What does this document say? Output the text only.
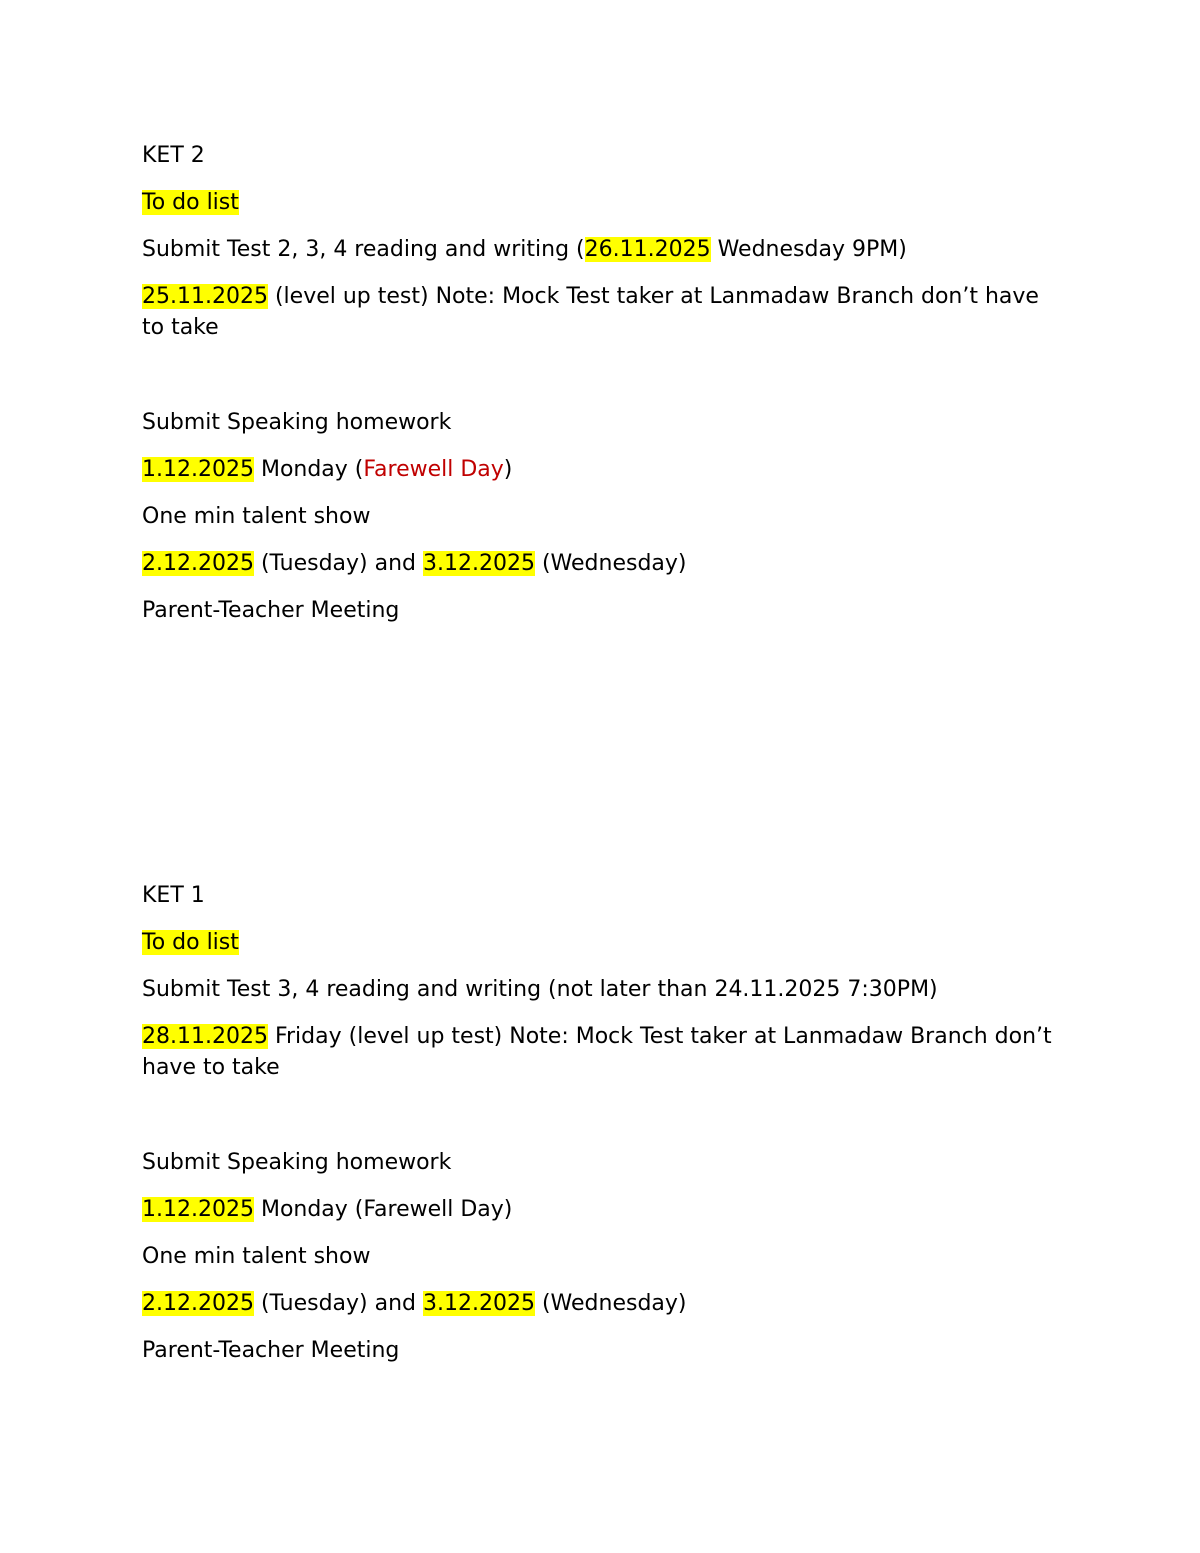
KET 2

To do list

Submit Test 2, 3, 4 reading and writing (26.11.2025 Wednesday 9PM)

25.11.2025 (level up test) Note: Mock Test taker at Lanmadaw Branch don’t have to take

Submit Speaking homework

1.12.2025 Monday (Farewell Day)

One min talent show

2.12.2025 (Tuesday) and 3.12.2025 (Wednesday)

Parent-Teacher Meeting

KET 1

To do list

Submit Test 3, 4 reading and writing (not later than 24.11.2025 7:30PM)

28.11.2025 Friday (level up test) Note: Mock Test taker at Lanmadaw Branch don’t have to take

Submit Speaking homework

1.12.2025 Monday (Farewell Day)

One min talent show

2.12.2025 (Tuesday) and 3.12.2025 (Wednesday)

Parent-Teacher Meeting
